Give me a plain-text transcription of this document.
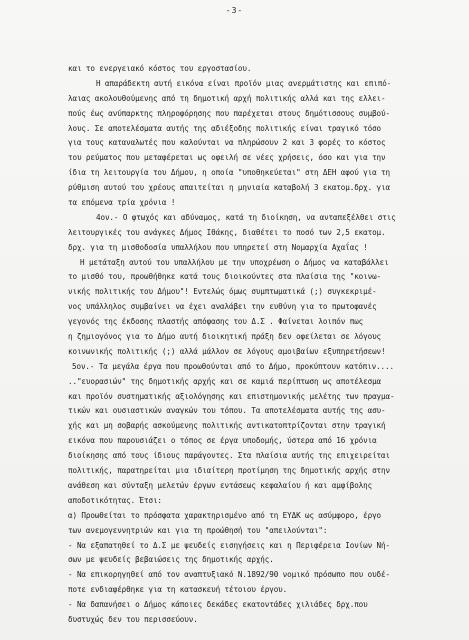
-3-
και το ενεργειακό κόστος του εργοστασίου.
Η απαράδεκτη αυτή εικόνα είναι προϊόν μιας ανερμάτιστης και επιπό-
λαιας ακολουθούμενης από τη δημοτική αρχή πολιτικής αλλά και της ελλει-
πούς έως ανύπαρκτης πληροφόρησης που παρέχεται στους δημότισσους συμβού-
λους. Σε αποτελέσματα αυτής της αδιέξοδης πολιτικής είναι τραγικό τόσο
για τους καταναλωτές που καλούνται να πληρώσουν 2 και 3 φορές το κόστος
του ρεύματος που μεταφέρεται ως οφειλή σε νέες χρήσεις, όσο και για την
ίδια τη λειτουργία του Δήμου, η οποία "υποθηκεύεται" στη ΔΕΗ αφού για τη
ρύθμιση αυτού του χρέους απαιτείται η μηνιαία καταβολή 3 εκατομ.δρχ. για
τα επόμενα τρία χρόνια !
4ον.- Ο φτωχός και αδύναμος, κατά τη διοίκηση, να ανταπεξέλθει στις
λειτουργικές του ανάγκες Δήμος Ιθάκης, διαθέτει το ποσό των 2,5 εκατομ.
δρχ. για τη μισθοδοσία υπαλλήλου που υπηρετεί στη Νομαρχία Αχαΐας !
Η μετάταξη αυτού του υπαλλήλου με την υποχρέωση ο Δήμος να καταβάλλει
το μισθό του, προωθήθηκε κατά τους διοικούντες στα πλαίσια της "κοινω-
νικής πολιτικής του Δήμου"! Εντελώς όμως συμπτωματικά (;) συγκεκριμέ-
νος υπάλληλος συμβαίνει να έχει αναλάβει την ευθύνη για το πρωτοφανές
γεγονός της έκδοσης πλαστής απόφασης του Δ.Σ . Φαίνεται λοιπόν πως
η ζημιογόνος για το Δήμο αυτή διοικητική πράξη δεν οφείλεται σε λόγους
κοινωνικής πολιτικής (;) αλλά μάλλον σε λόγους αμοιβαίων εξυπηρετήσεων!
5ον.- Τα μεγάλα έργα που προωθούνται από το Δήμο, προκύπτουν κατόπιν....
.."ευορασιών" της δημοτικής αρχής και σε καμιά περίπτωση ως αποτέλεσμα
και προϊόν συστηματικής αξιολόγησης και επιστημονικής μελέτης των πραγμα-
τικών και ουσιαστικών αναγκών του τόπου. Τα αποτελέσματα αυτής της ασυ-
χής και μη σοβαρής ασκούμενης πολιτικής αντικατοπτρίζονται στην τραγική
εικόνα που παρουσιάζει ο τόπος σε έργα υποδομής, ύστερα από 16 χρόνια
διοίκησης από τους ίδιους παράγοντες. Στα πλαίσια αυτής της επιχειρείται
πολιτικής, παρατηρείται μια ιδιαίτερη προτίμηση της δημοτικής αρχής στην
ανάθεση και σύνταξη μελετών έργων εντάσεως κεφαλαίου ή και αμφίβολης
αποδοτικότητας. Έτσι:
α) Προωθείται το πρόσφατα χαρακτηρισμένο από τη ΕΥΔΚ ως ασύμφορο, έργο
των ανεμογεννητριών και για τη προώθησή του "απειλούνται":
- Να εξαπατηθεί το Δ.Σ με ψευδείς εισηγήσεις και η Περιφέρεια Ιονίων Νή-
σων με ψευδείς βεβαιώσεις της δημοτικής αρχής.
- Να επικορηγηθεί από τον αναπτυξιακό Ν.1892/90 νομικό πρόσωπο που ουδέ-
ποτε ενδιαφέρθηκε για τη κατασκευή τέτοιου έργου.
- Να δαπανήσει ο Δήμος κάποιες δεκάδες εκατοντάδες χιλιάδες δρχ.που
δυστυχώς δεν του περισσεύουν.
